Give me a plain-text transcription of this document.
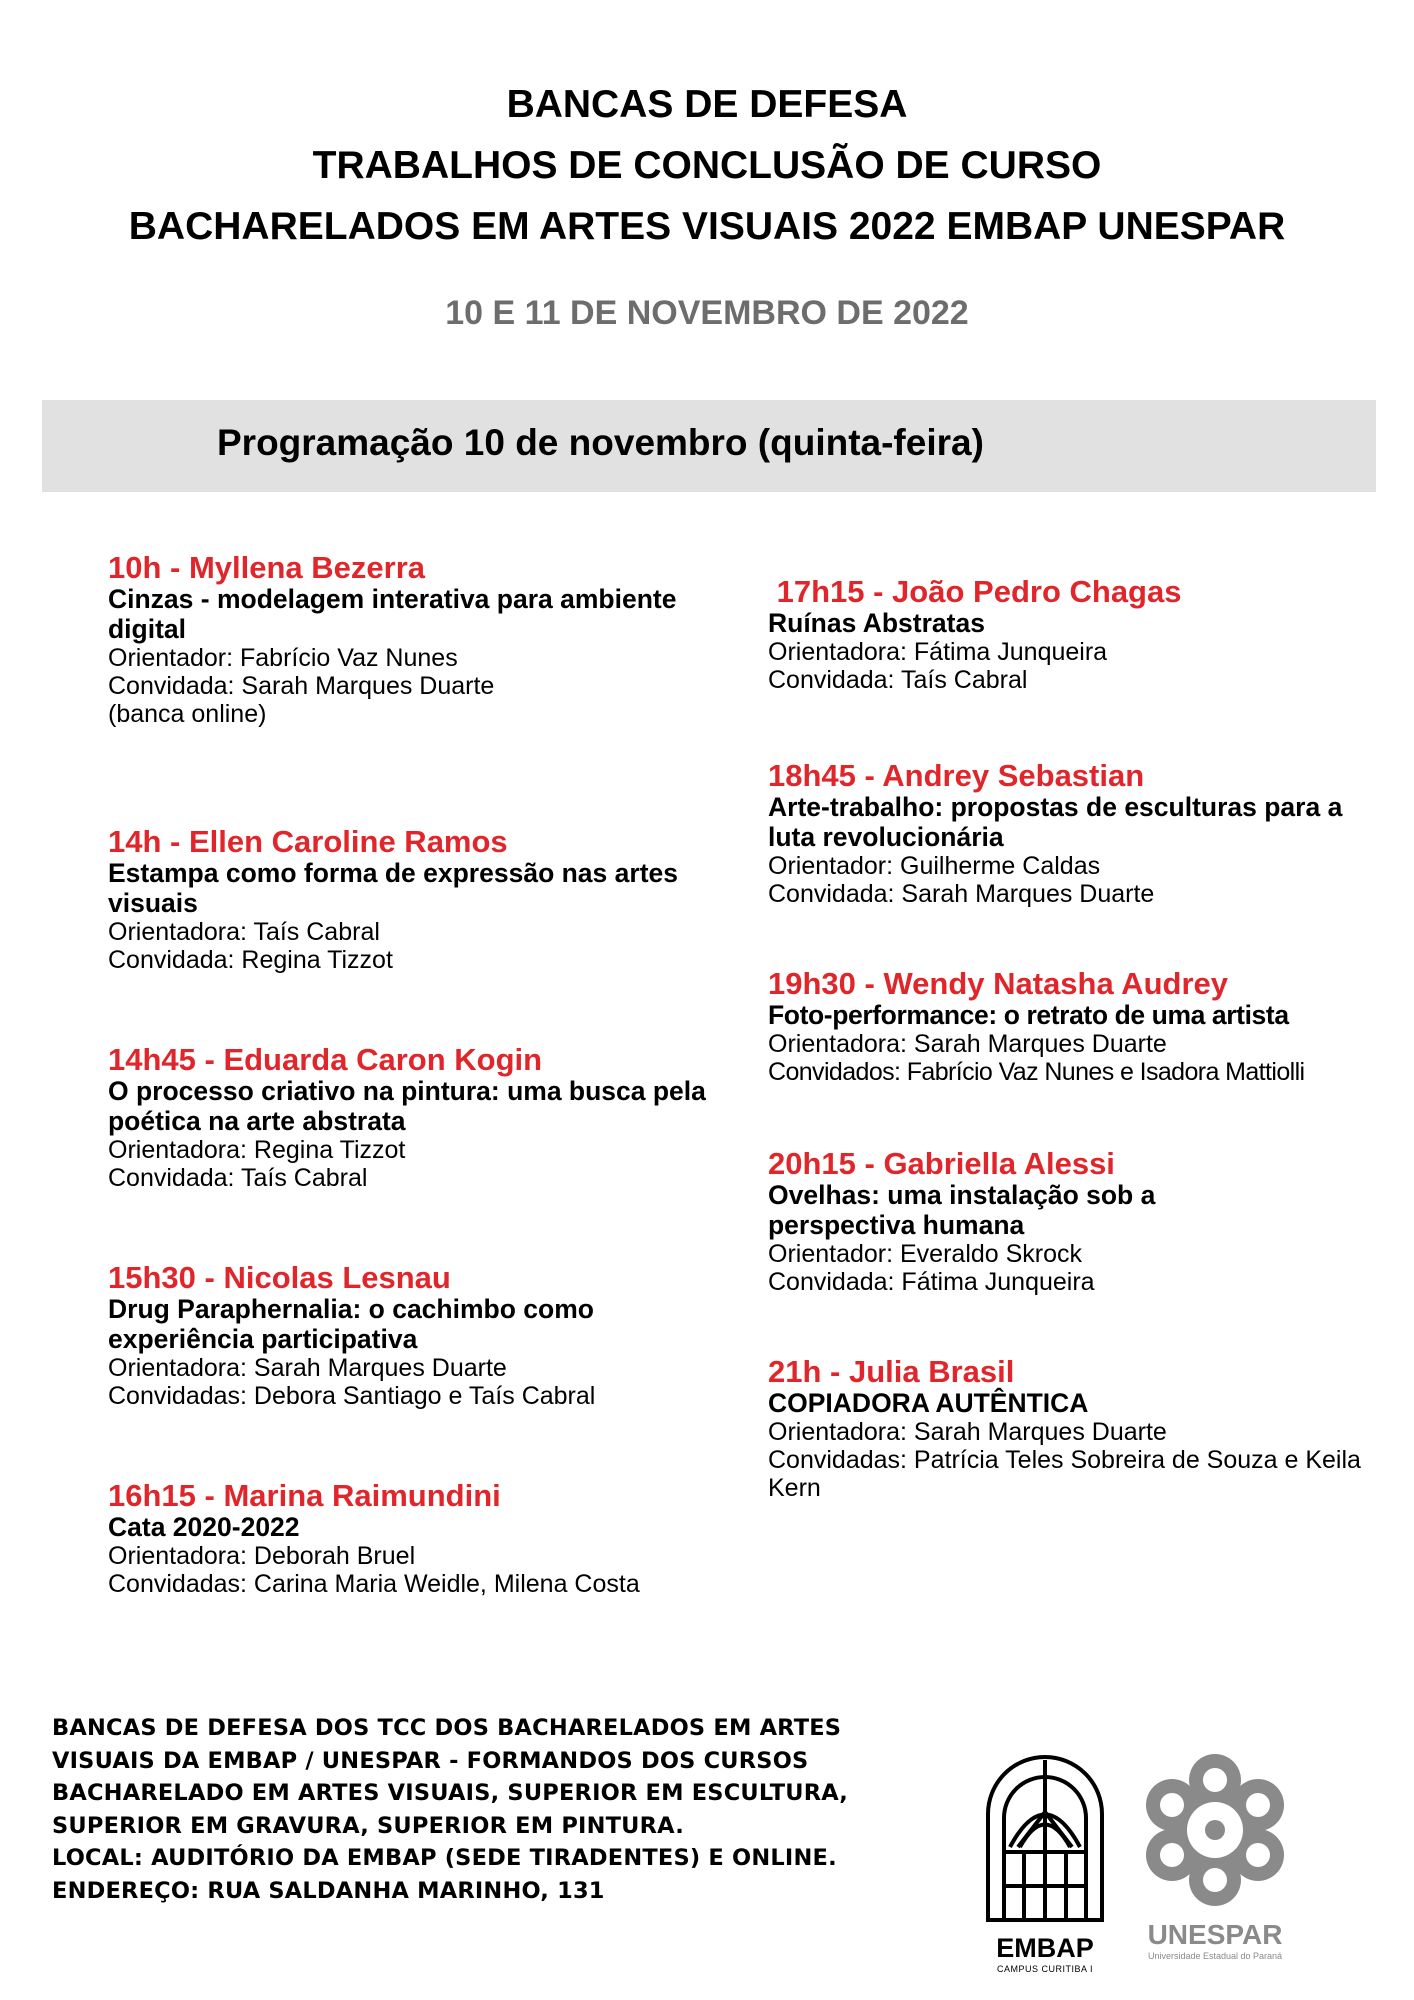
BANCAS DE DEFESA
TRABALHOS DE CONCLUSÃO DE CURSO
BACHARELADOS EM ARTES VISUAIS 2022 EMBAP UNESPAR
10 E 11 DE NOVEMBRO DE 2022
Programação 10 de novembro (quinta-feira)
10h - Myllena Bezerra
Cinzas - modelagem interativa para ambiente digital
Orientador: Fabrício Vaz Nunes
Convidada: Sarah Marques Duarte
(banca online)
14h - Ellen Caroline Ramos
Estampa como forma de expressão nas artes visuais
Orientadora: Taís Cabral
Convidada: Regina Tizzot
14h45 - Eduarda Caron Kogin
O processo criativo na pintura: uma busca pela poética na arte abstrata
Orientadora: Regina Tizzot
Convidada: Taís Cabral
15h30 - Nicolas Lesnau
Drug Paraphernalia: o cachimbo como experiência participativa
Orientadora: Sarah Marques Duarte
Convidadas: Debora Santiago e Taís Cabral
16h15 - Marina Raimundini
Cata 2020-2022
Orientadora: Deborah Bruel
Convidadas: Carina Maria Weidle, Milena Costa
17h15 - João Pedro Chagas
Ruínas Abstratas
Orientadora: Fátima Junqueira
Convidada: Taís Cabral
18h45 - Andrey Sebastian
Arte-trabalho: propostas de esculturas para a luta revolucionária
Orientador: Guilherme Caldas
Convidada: Sarah Marques Duarte
19h30 - Wendy Natasha Audrey
Foto-performance: o retrato de uma artista
Orientadora: Sarah Marques Duarte
Convidados: Fabrício Vaz Nunes e Isadora Mattiolli
20h15 - Gabriella Alessi
Ovelhas: uma instalação sob a perspectiva humana
Orientador: Everaldo Skrock
Convidada: Fátima Junqueira
21h - Julia Brasil
COPIADORA AUTÊNTICA
Orientadora: Sarah Marques Duarte
Convidadas: Patrícia Teles Sobreira de Souza e Keila Kern
BANCAS DE DEFESA DOS TCC DOS BACHARELADOS EM ARTES
VISUAIS DA EMBAP / UNESPAR - FORMANDOS DOS CURSOS
BACHARELADO EM ARTES VISUAIS, SUPERIOR EM ESCULTURA,
SUPERIOR EM GRAVURA, SUPERIOR EM PINTURA.
LOCAL: AUDITÓRIO DA EMBAP (SEDE TIRADENTES) E ONLINE.
ENDEREÇO: RUA SALDANHA MARINHO, 131
EMBAP
CAMPUS CURITIBA I
UNESPAR
Universidade Estadual do Paraná
